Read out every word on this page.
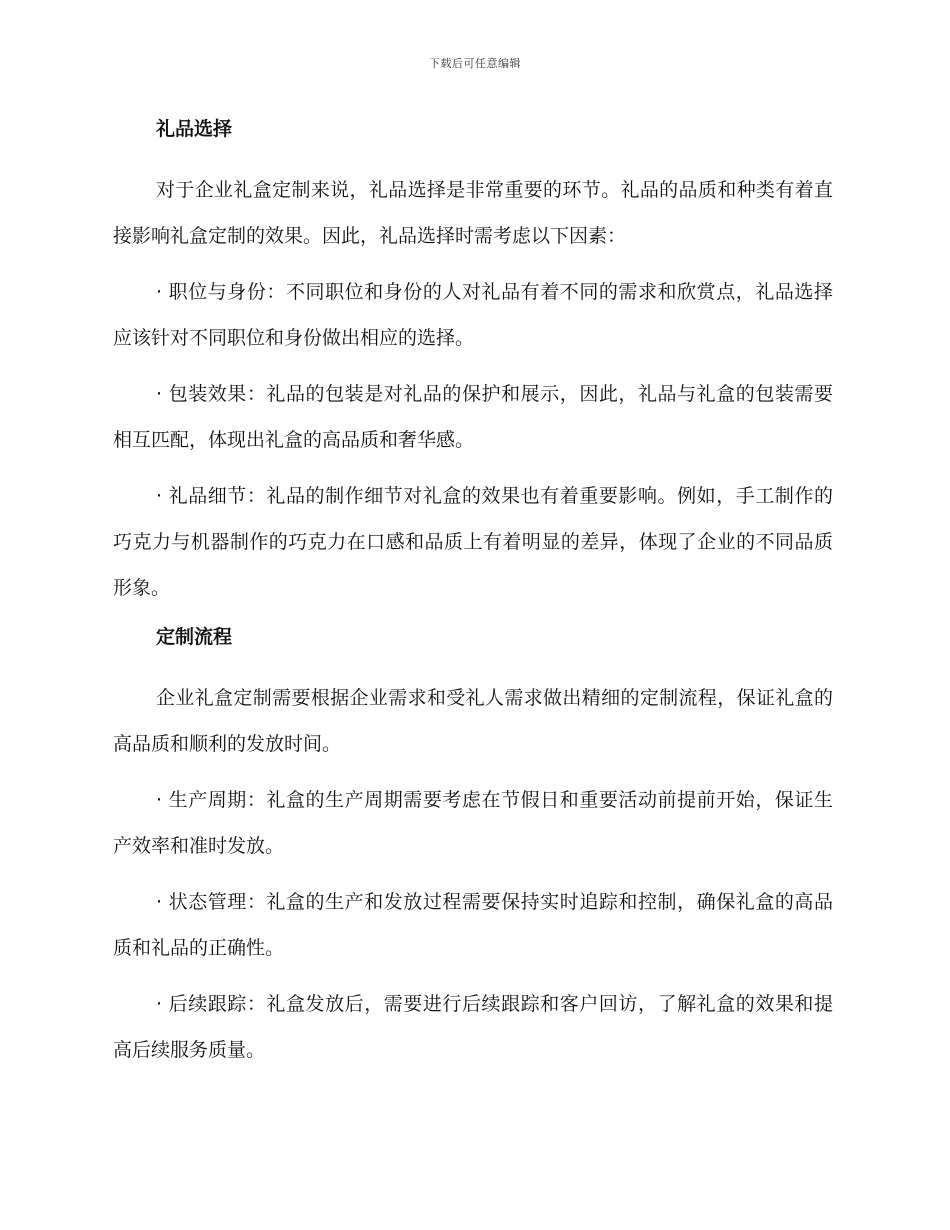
下载后可任意编辑
礼品选择

对于企业礼盒定制来说，礼品选择是非常重要的环节。礼品的品质和种类有着直接影响礼盒定制的效果。因此，礼品选择时需考虑以下因素：

· 职位与身份：不同职位和身份的人对礼品有着不同的需求和欣赏点，礼品选择应该针对不同职位和身份做出相应的选择。

· 包装效果：礼品的包装是对礼品的保护和展示，因此，礼品与礼盒的包装需要相互匹配，体现出礼盒的高品质和奢华感。

· 礼品细节：礼品的制作细节对礼盒的效果也有着重要影响。例如，手工制作的巧克力与机器制作的巧克力在口感和品质上有着明显的差异，体现了企业的不同品质形象。

定制流程

企业礼盒定制需要根据企业需求和受礼人需求做出精细的定制流程，保证礼盒的高品质和顺利的发放时间。

· 生产周期：礼盒的生产周期需要考虑在节假日和重要活动前提前开始，保证生产效率和准时发放。

· 状态管理：礼盒的生产和发放过程需要保持实时追踪和控制，确保礼盒的高品质和礼品的正确性。

· 后续跟踪：礼盒发放后，需要进行后续跟踪和客户回访，了解礼盒的效果和提高后续服务质量。
